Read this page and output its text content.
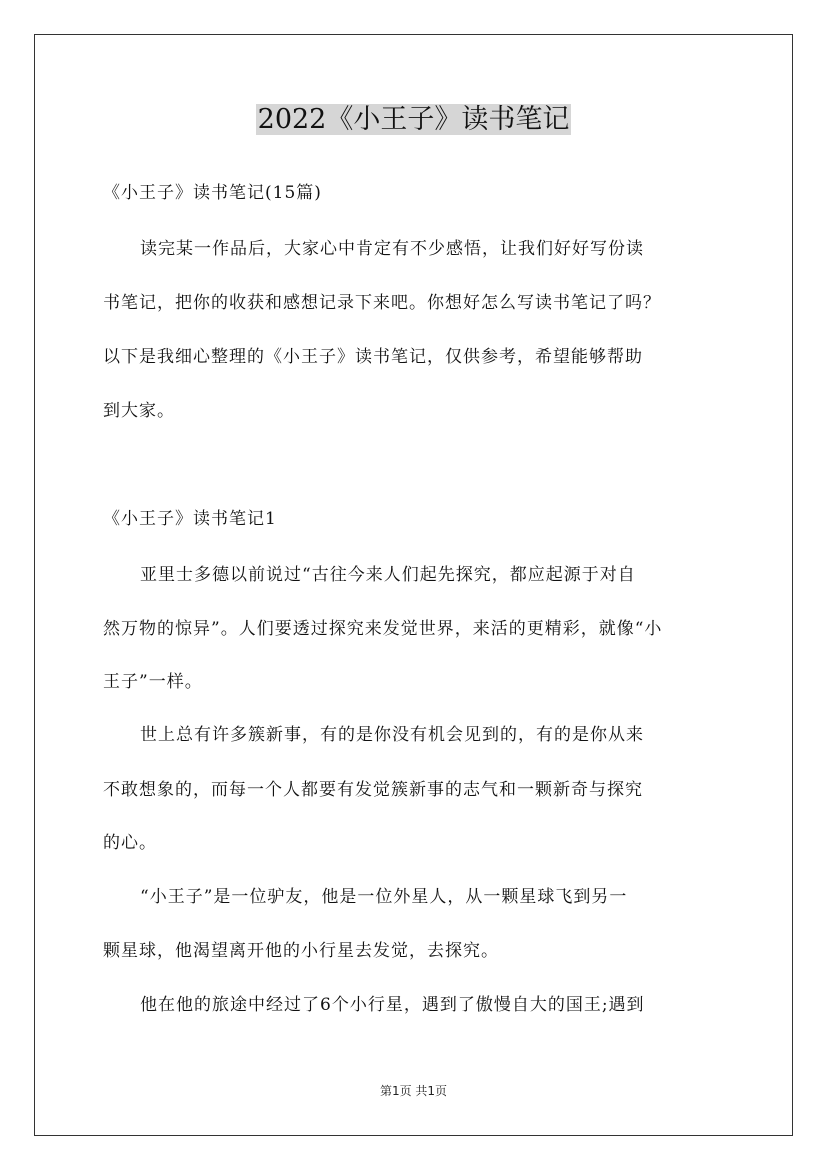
2022《小王子》读书笔记
《小王子》读书笔记(15篇)
读完某一作品后，大家心中肯定有不少感悟，让我们好好写份读
书笔记，把你的收获和感想记录下来吧。你想好怎么写读书笔记了吗？
以下是我细心整理的《小王子》读书笔记，仅供参考，希望能够帮助
到大家。
《小王子》读书笔记1
亚里士多德以前说过“古往今来人们起先探究，都应起源于对自
然万物的惊异”。人们要透过探究来发觉世界，来活的更精彩，就像“小
王子”一样。
世上总有许多簇新事，有的是你没有机会见到的，有的是你从来
不敢想象的，而每一个人都要有发觉簇新事的志气和一颗新奇与探究
的心。
“小王子”是一位驴友，他是一位外星人，从一颗星球飞到另一
颗星球，他渴望离开他的小行星去发觉，去探究。
他在他的旅途中经过了6个小行星，遇到了傲慢自大的国王;遇到
第1页 共1页
